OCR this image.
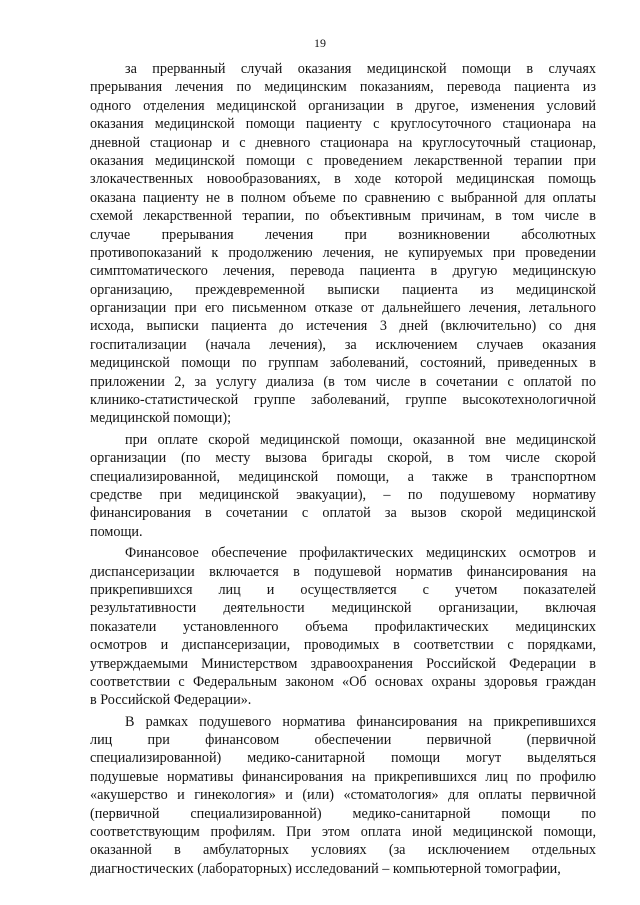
19
за прерванный случай оказания медицинской помощи в случаях
прерывания лечения по медицинским показаниям, перевода пациента из
одного отделения медицинской организации в другое, изменения условий
оказания медицинской помощи пациенту с круглосуточного стационара на
дневной стационар и с дневного стационара на круглосуточный стационар,
оказания медицинской помощи с проведением лекарственной терапии при
злокачественных новообразованиях, в ходе которой медицинская помощь
оказана пациенту не в полном объеме по сравнению с выбранной для оплаты
схемой лекарственной терапии, по объективным причинам, в том числе в
случае прерывания лечения при возникновении абсолютных
противопоказаний к продолжению лечения, не купируемых при проведении
симптоматического лечения, перевода пациента в другую медицинскую
организацию, преждевременной выписки пациента из медицинской
организации при его письменном отказе от дальнейшего лечения, летального
исхода, выписки пациента до истечения 3 дней (включительно) со дня
госпитализации (начала лечения), за исключением случаев оказания
медицинской помощи по группам заболеваний, состояний, приведенных в
приложении 2, за услугу диализа (в том числе в сочетании с оплатой по
клинико-статистической группе заболеваний, группе высокотехнологичной
медицинской помощи);
при оплате скорой медицинской помощи, оказанной вне медицинской
организации (по месту вызова бригады скорой, в том числе скорой
специализированной, медицинской помощи, а также в транспортном
средстве при медицинской эвакуации), – по подушевому нормативу
финансирования в сочетании с оплатой за вызов скорой медицинской
помощи.
Финансовое обеспечение профилактических медицинских осмотров и
диспансеризации включается в подушевой норматив финансирования на
прикрепившихся лиц и осуществляется с учетом показателей
результативности деятельности медицинской организации, включая
показатели установленного объема профилактических медицинских
осмотров и диспансеризации, проводимых в соответствии с порядками,
утверждаемыми Министерством здравоохранения Российской Федерации в
соответствии с Федеральным законом «Об основах охраны здоровья граждан
в Российской Федерации».
В рамках подушевого норматива финансирования на прикрепившихся
лиц при финансовом обеспечении первичной (первичной
специализированной) медико-санитарной помощи могут выделяться
подушевые нормативы финансирования на прикрепившихся лиц по профилю
«акушерство и гинекология» и (или) «стоматология» для оплаты первичной
(первичной специализированной) медико-санитарной помощи по
соответствующим профилям. При этом оплата иной медицинской помощи,
оказанной в амбулаторных условиях (за исключением отдельных
диагностических (лабораторных) исследований – компьютерной томографии,
